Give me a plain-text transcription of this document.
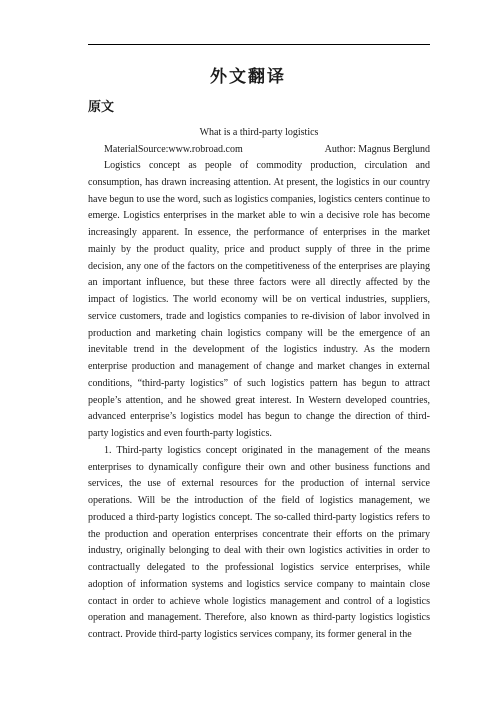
外文翻译
原文
What is a third-party logistics
MaterialSource:www.robroad.com	Author: Magnus Berglund

Logistics concept as people of commodity production, circulation and consumption, has drawn increasing attention. At present, the logistics in our country have begun to use the word, such as logistics companies, logistics centers continue to emerge. Logistics enterprises in the market able to win a decisive role has become increasingly apparent. In essence, the performance of enterprises in the market mainly by the product quality, price and product supply of three in the prime decision, any one of the factors on the competitiveness of the enterprises are playing an important influence, but these three factors were all directly affected by the impact of logistics. The world economy will be on vertical industries, suppliers, service customers, trade and logistics companies to re-division of labor involved in production and marketing chain logistics company will be the emergence of an inevitable trend in the development of the logistics industry. As the modern enterprise production and management of change and market changes in external conditions, “third-party logistics” of such logistics pattern has begun to attract people’s attention, and he showed great interest. In Western developed countries, advanced enterprise’s logistics model has begun to change the direction of third-party logistics and even fourth-party logistics.

1. Third-party logistics concept originated in the management of the means enterprises to dynamically configure their own and other business functions and services, the use of external resources for the production of internal service operations. Will be the introduction of the field of logistics management, we produced a third-party logistics concept. The so-called third-party logistics refers to the production and operation enterprises concentrate their efforts on the primary industry, originally belonging to deal with their own logistics activities in order to contractually delegated to the professional logistics service enterprises, while adoption of information systems and logistics service company to maintain close contact in order to achieve whole logistics management and control of a logistics operation and management. Therefore, also known as third-party logistics logistics contract. Provide third-party logistics services company, its former general in the
